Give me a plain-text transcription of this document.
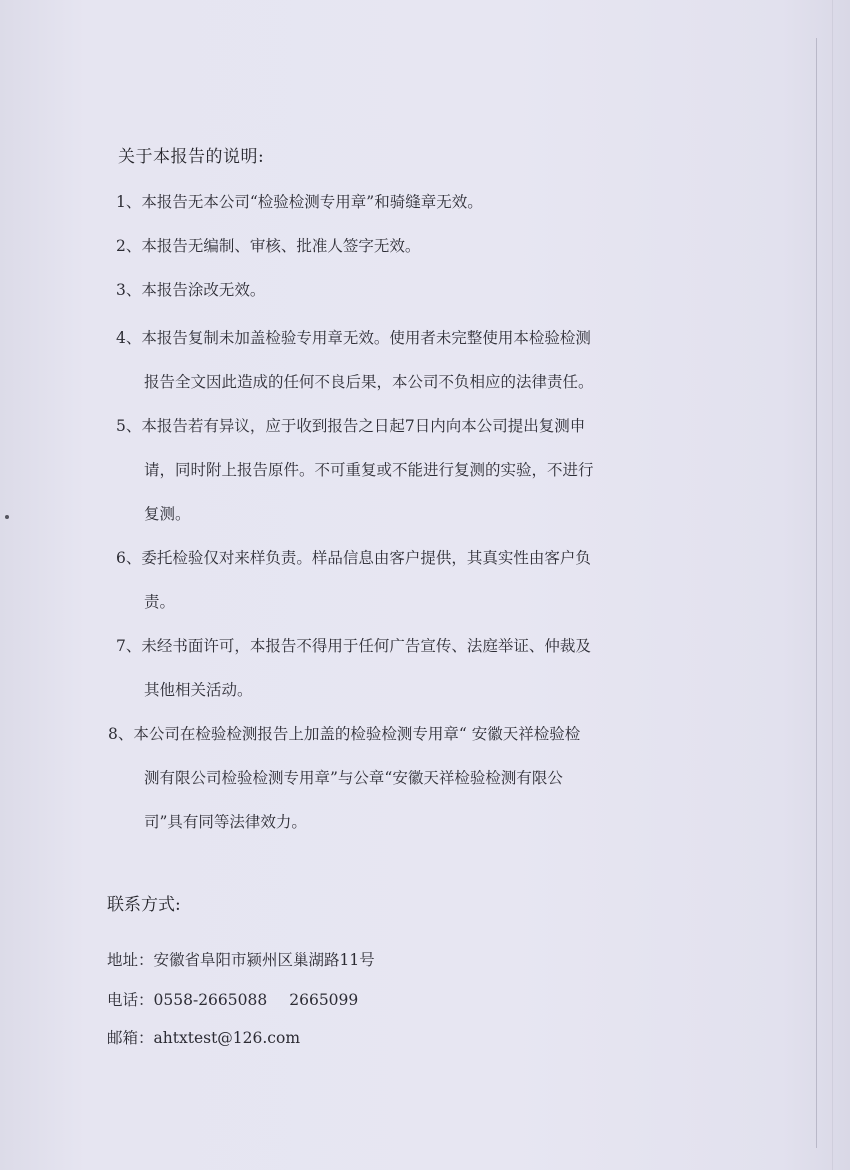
关于本报告的说明:
1、本报告无本公司“检验检测专用章”和骑缝章无效。
2、本报告无编制、审核、批准人签字无效。
3、本报告涂改无效。
4、本报告复制未加盖检验专用章无效。使用者未完整使用本检验检测
报告全文因此造成的任何不良后果，本公司不负相应的法律责任。
5、本报告若有异议，应于收到报告之日起7日内向本公司提出复测申
请，同时附上报告原件。不可重复或不能进行复测的实验，不进行
复测。
6、委托检验仅对来样负责。样品信息由客户提供，其真实性由客户负
责。
7、未经书面许可，本报告不得用于任何广告宣传、法庭举证、仲裁及
其他相关活动。
8、本公司在检验检测报告上加盖的检验检测专用章“ 安徽天祥检验检
测有限公司检验检测专用章”与公章“安徽天祥检验检测有限公
司”具有同等法律效力。
联系方式:
地址：安徽省阜阳市颍州区巢湖路11号
电话：0558-2665088 2665099
邮箱：ahtxtest@126.com
